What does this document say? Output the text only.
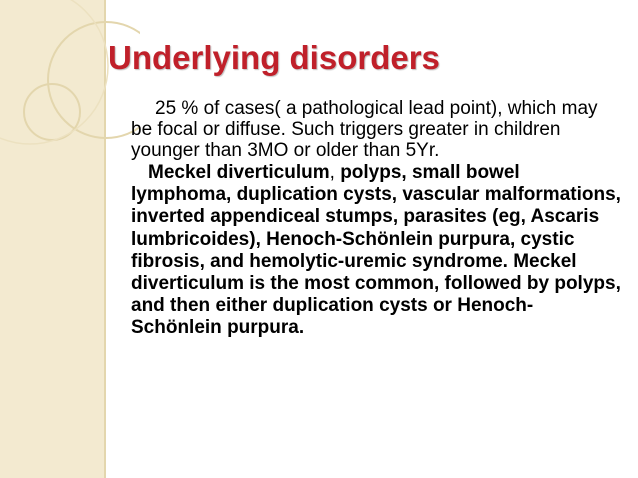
Underlying disorders

25 % of cases( a pathological lead point), which may be focal or diffuse. Such triggers greater in children younger than 3MO or older than 5Yr.

Meckel diverticulum, polyps, small bowel lymphoma, duplication cysts, vascular malformations, inverted appendiceal stumps, parasites (eg, Ascaris lumbricoides), Henoch-Schönlein purpura, cystic fibrosis, and hemolytic-uremic syndrome. Meckel diverticulum is the most common, followed by polyps, and then either duplication cysts or Henoch-Schönlein purpura.
